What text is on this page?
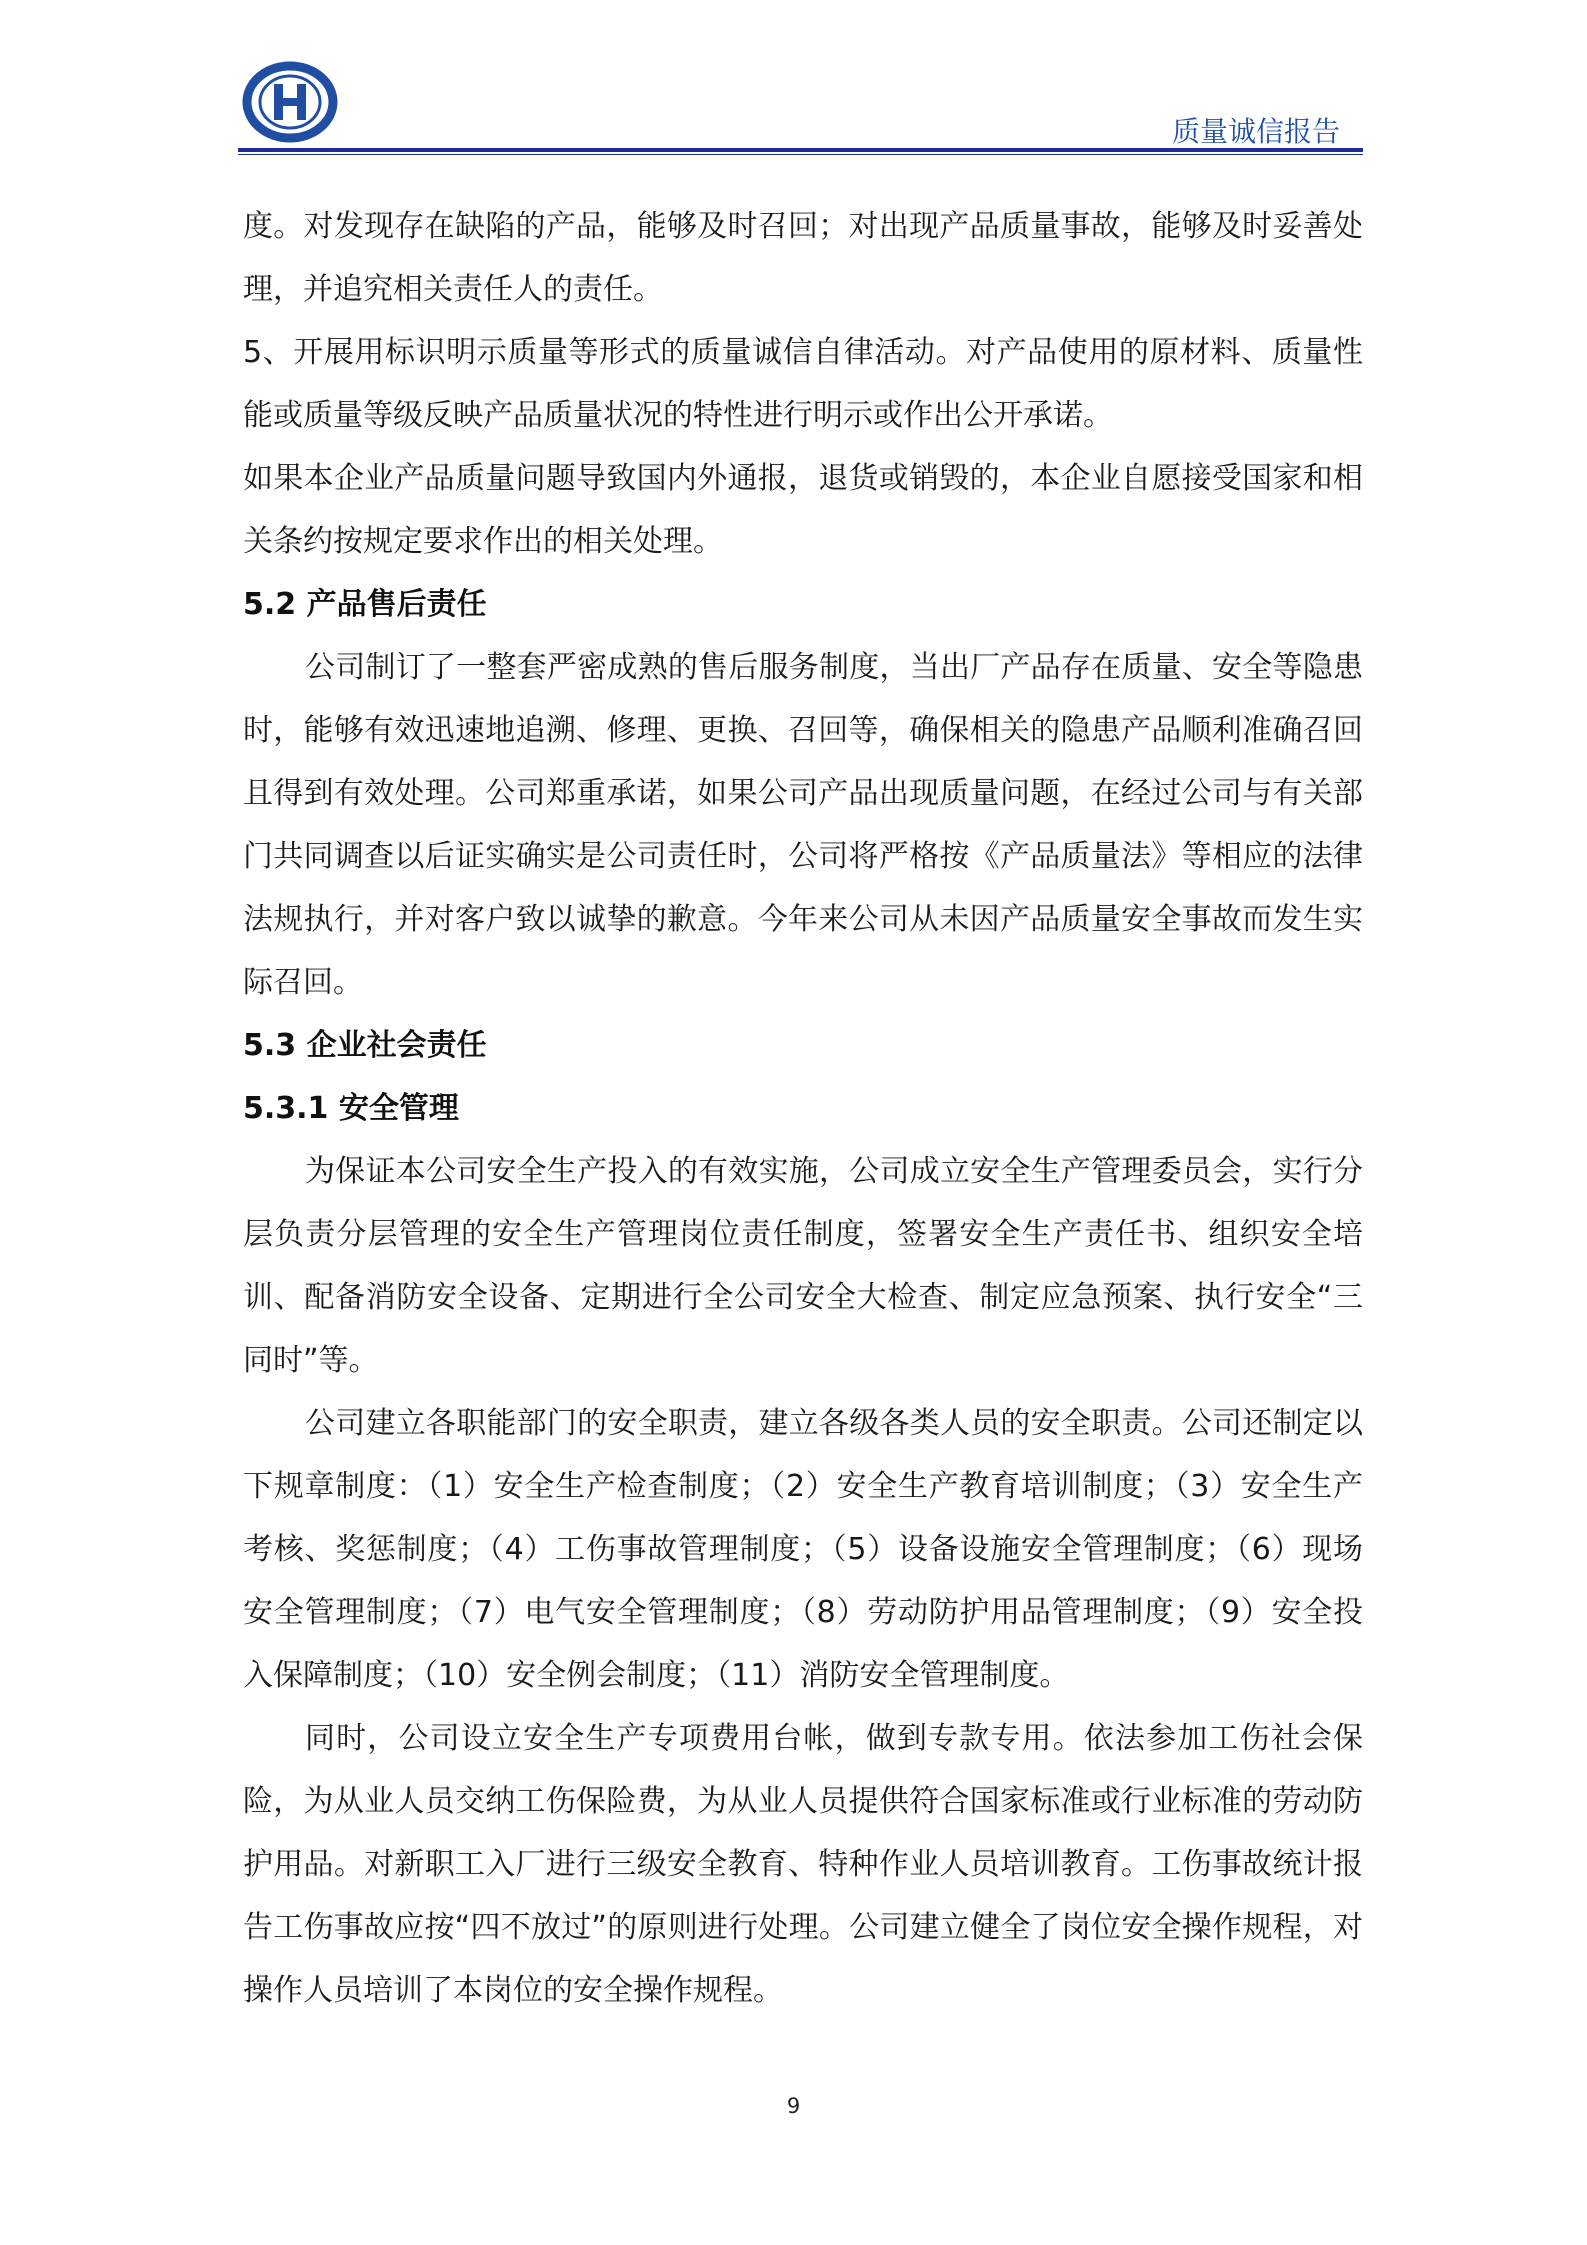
质量诚信报告

度。对发现存在缺陷的产品，能够及时召回；对出现产品质量事故，能够及时妥善处理，并追究相关责任人的责任。

5、开展用标识明示质量等形式的质量诚信自律活动。对产品使用的原材料、质量性能或质量等级反映产品质量状况的特性进行明示或作出公开承诺。

如果本企业产品质量问题导致国内外通报，退货或销毁的，本企业自愿接受国家和相关条约按规定要求作出的相关处理。

5.2 产品售后责任

公司制订了一整套严密成熟的售后服务制度，当出厂产品存在质量、安全等隐患时，能够有效迅速地追溯、修理、更换、召回等，确保相关的隐患产品顺利准确召回且得到有效处理。公司郑重承诺，如果公司产品出现质量问题，在经过公司与有关部门共同调查以后证实确实是公司责任时，公司将严格按《产品质量法》等相应的法律法规执行，并对客户致以诚挚的歉意。今年来公司从未因产品质量安全事故而发生实际召回。

5.3 企业社会责任
5.3.1 安全管理

为保证本公司安全生产投入的有效实施，公司成立安全生产管理委员会，实行分层负责分层管理的安全生产管理岗位责任制度，签署安全生产责任书、组织安全培训、配备消防安全设备、定期进行全公司安全大检查、制定应急预案、执行安全“三同时”等。

公司建立各职能部门的安全职责，建立各级各类人员的安全职责。公司还制定以下规章制度：（1）安全生产检查制度；（2）安全生产教育培训制度；（3）安全生产考核、奖惩制度；（4）工伤事故管理制度；（5）设备设施安全管理制度；（6）现场安全管理制度；（7）电气安全管理制度；（8）劳动防护用品管理制度；（9）安全投入保障制度；（10）安全例会制度；（11）消防安全管理制度。

同时，公司设立安全生产专项费用台帐，做到专款专用。依法参加工伤社会保险，为从业人员交纳工伤保险费，为从业人员提供符合国家标准或行业标准的劳动防护用品。对新职工入厂进行三级安全教育、特种作业人员培训教育。工伤事故统计报告工伤事故应按“四不放过”的原则进行处理。公司建立健全了岗位安全操作规程，对操作人员培训了本岗位的安全操作规程。

9
